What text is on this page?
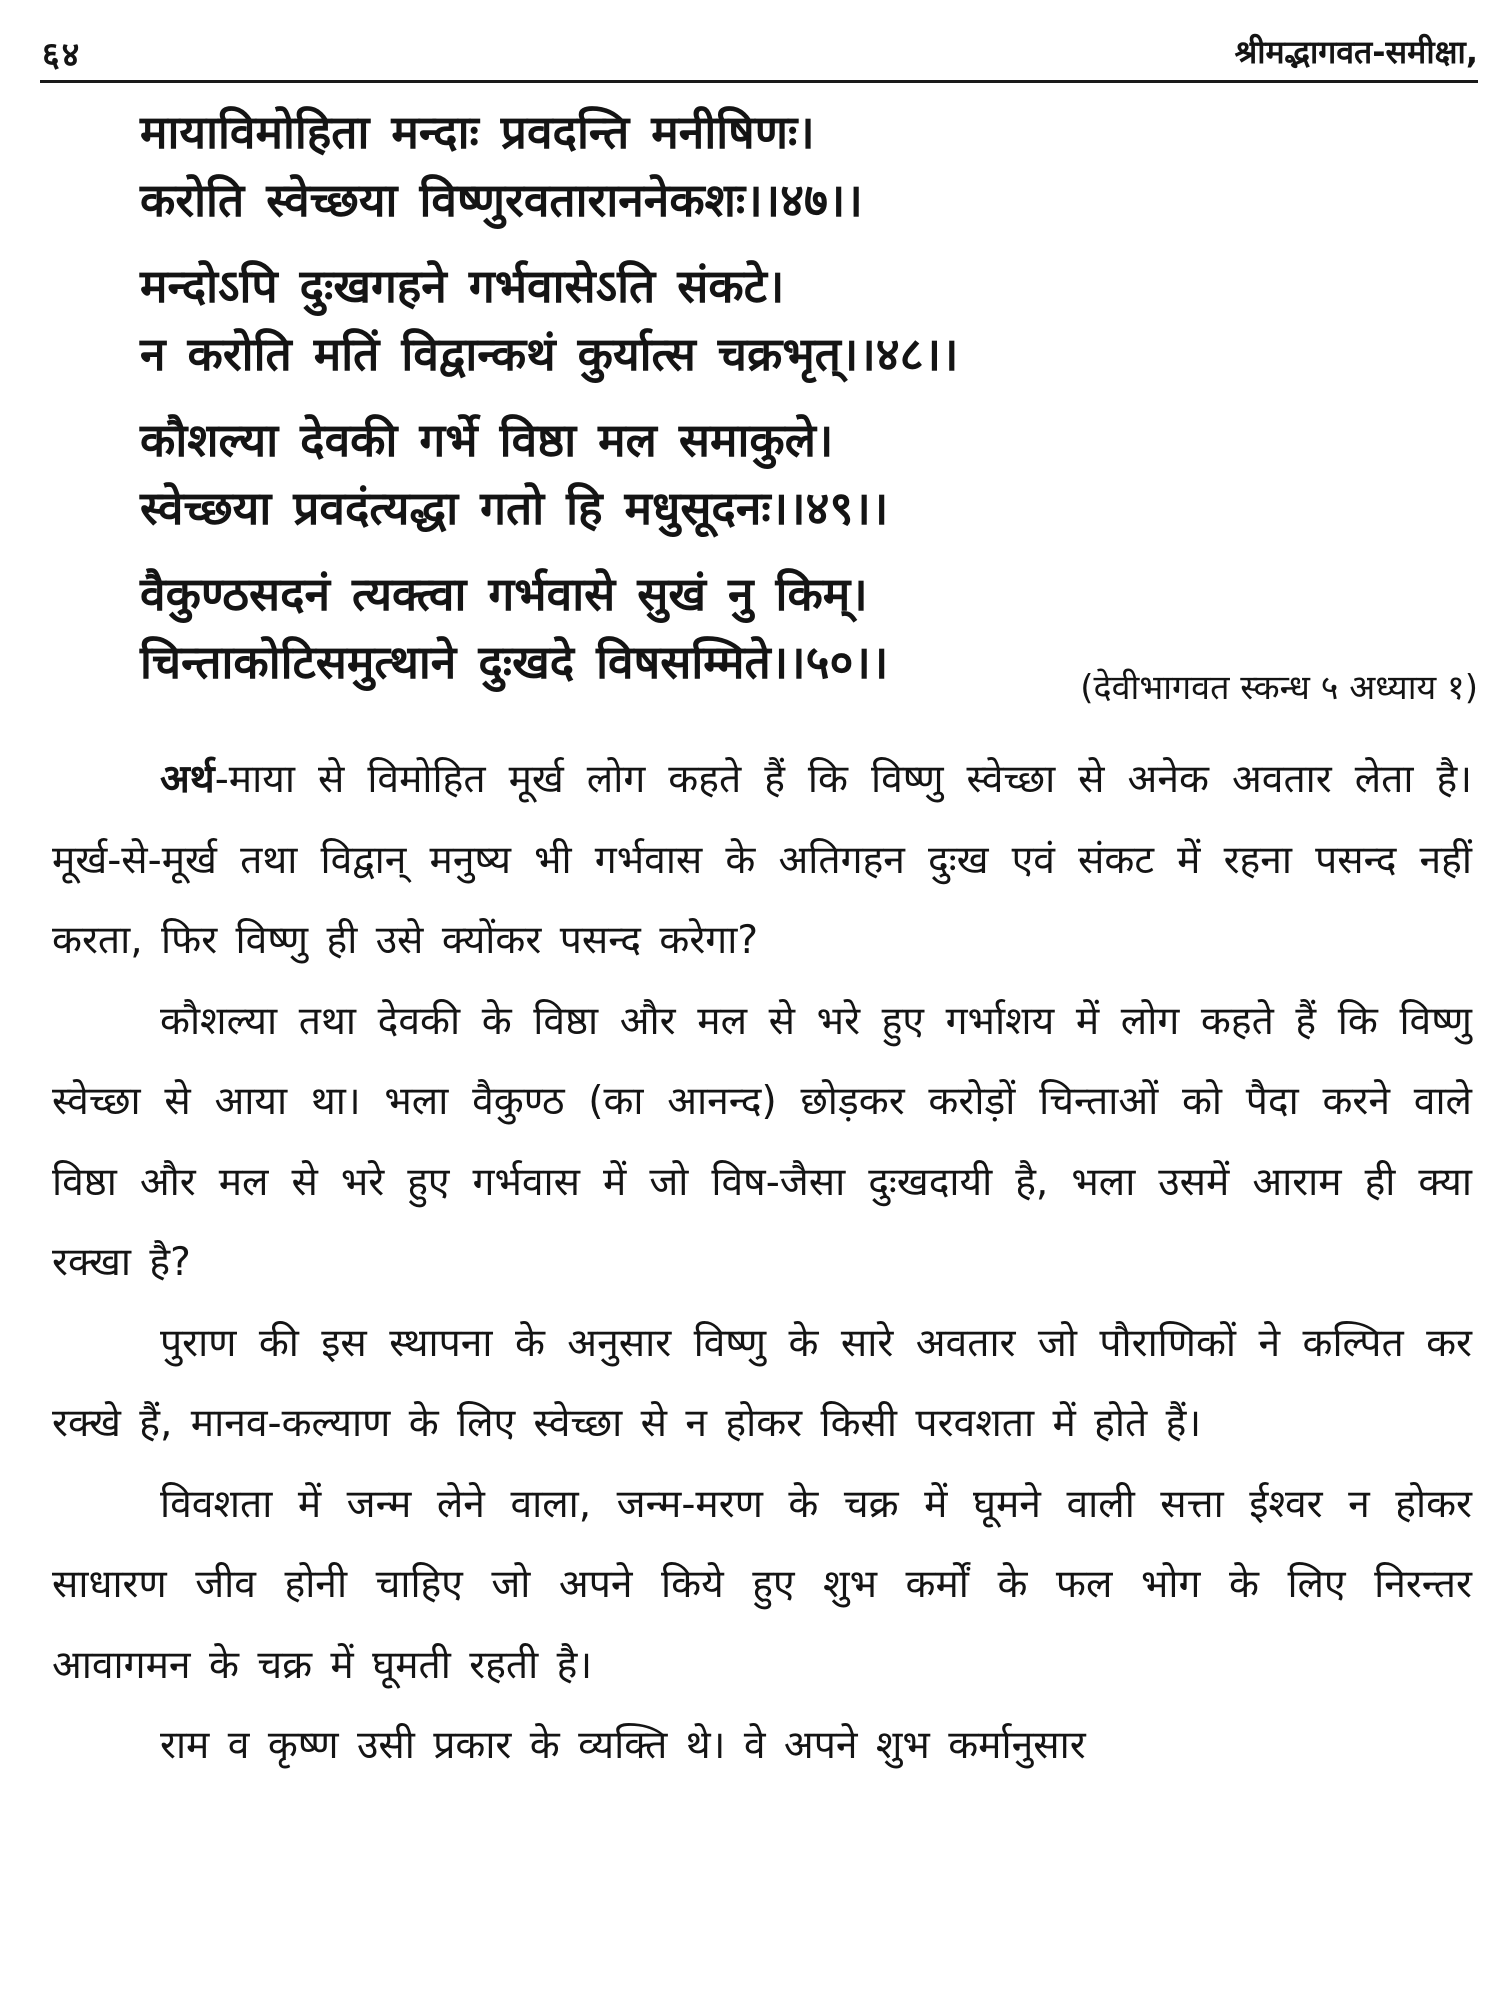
६४	श्रीमद्भागवत-समीक्षा,
मायाविमोहिता मन्दाः प्रवदन्ति मनीषिणः।
करोति स्वेच्छया विष्णुरवताराननेकशः।।४७।।
मन्दोऽपि दुःखगहने गर्भवासेऽति संकटे।
न करोति मतिं विद्वान्कथं कुर्यात्स चक्रभृत्।।४८।।
कौशल्या देवकी गर्भे विष्ठा मल समाकुले।
स्वेच्छया प्रवदंत्यद्धा गतो हि मधुसूदनः।।४९।।
वैकुण्ठसदनं त्यक्त्वा गर्भवासे सुखं नु किम्।
चिन्ताकोटिसमुत्थाने दुःखदे विषसम्मिते।।५०।।	(देवीभागवत स्कन्ध ५ अध्याय १)

अर्थ-माया से विमोहित मूर्ख लोग कहते हैं कि विष्णु स्वेच्छा से अनेक अवतार लेता है। मूर्ख-से-मूर्ख तथा विद्वान् मनुष्य भी गर्भवास के अतिगहन दुःख एवं संकट में रहना पसन्द नहीं करता, फिर विष्णु ही उसे क्योंकर पसन्द करेगा?

कौशल्या तथा देवकी के विष्ठा और मल से भरे हुए गर्भाशय में लोग कहते हैं कि विष्णु स्वेच्छा से आया था। भला वैकुण्ठ (का आनन्द) छोड़कर करोड़ों चिन्ताओं को पैदा करने वाले विष्ठा और मल से भरे हुए गर्भवास में जो विष-जैसा दुःखदायी है, भला उसमें आराम ही क्या रक्खा है?

पुराण की इस स्थापना के अनुसार विष्णु के सारे अवतार जो पौराणिकों ने कल्पित कर रक्खे हैं, मानव-कल्याण के लिए स्वेच्छा से न होकर किसी परवशता में होते हैं।

विवशता में जन्म लेने वाला, जन्म-मरण के चक्र में घूमने वाली सत्ता ईश्वर न होकर साधारण जीव होनी चाहिए जो अपने किये हुए शुभ कर्मों के फल भोग के लिए निरन्तर आवागमन के चक्र में घूमती रहती है।

राम व कृष्ण उसी प्रकार के व्यक्ति थे। वे अपने शुभ कर्मानुसार
